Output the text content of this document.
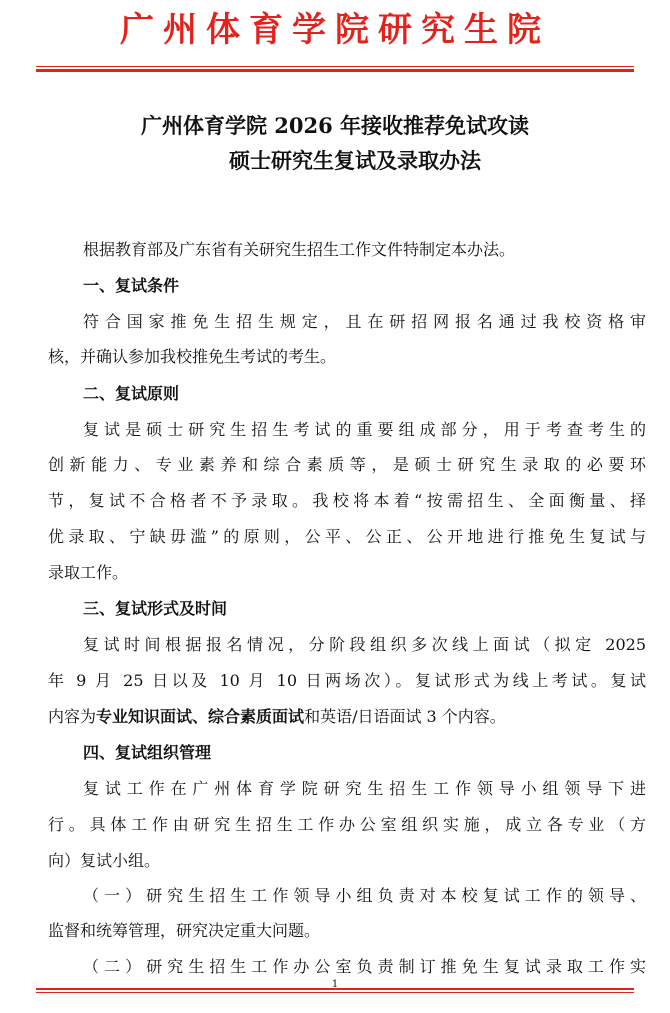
广州体育学院研究生院
广州体育学院 2026 年接收推荐免试攻读
硕士研究生复试及录取办法
根据教育部及广东省有关研究生招生工作文件特制定本办法。
一、复试条件
符合国家推免生招生规定，且在研招网报名通过我校资格审
核，并确认参加我校推免生考试的考生。
二、复试原则
复试是硕士研究生招生考试的重要组成部分，用于考查考生的
创新能力、专业素养和综合素质等，是硕士研究生录取的必要环
节，复试不合格者不予录取。我校将本着“按需招生、全面衡量、择
优录取、宁缺毋滥”的原则，公平、公正、公开地进行推免生复试与
录取工作。
三、复试形式及时间
复试时间根据报名情况，分阶段组织多次线上面试（拟定 2025
年 9 月 25 日以及 10 月 10 日两场次）。复试形式为线上考试。复试
内容为专业知识面试、综合素质面试和英语/日语面试 3 个内容。
四、复试组织管理
复试工作在广州体育学院研究生招生工作领导小组领导下进
行。具体工作由研究生招生工作办公室组织实施，成立各专业（方
向）复试小组。
（一）研究生招生工作领导小组负责对本校复试工作的领导、
监督和统筹管理，研究决定重大问题。
（二）研究生招生工作办公室负责制订推免生复试录取工作实
1
